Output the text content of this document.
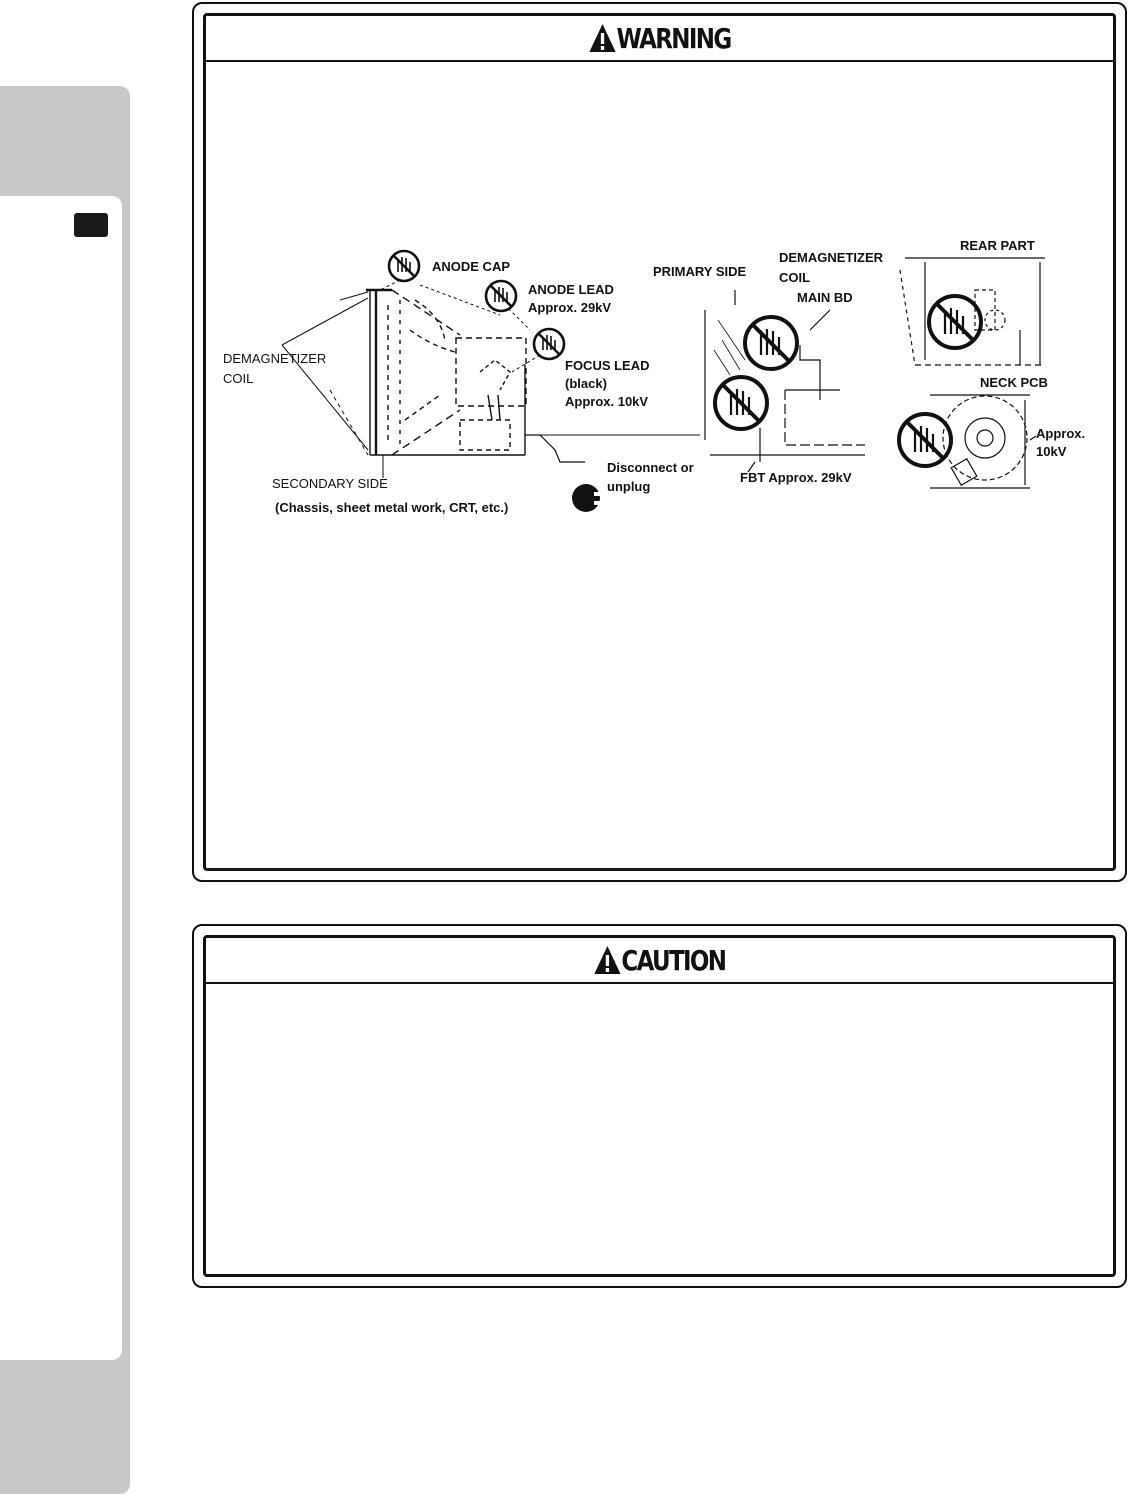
WARNING
ANODE CAP
ANODE LEAD
Approx. 29kV
FOCUS LEAD
(black)
Approx. 10kV
DEMAGNETIZER
COIL
SECONDARY SIDE
(Chassis, sheet metal work, CRT, etc.)
Disconnect or
unplug
PRIMARY SIDE
DEMAGNETIZER
COIL
MAIN BD
REAR PART
NECK PCB
FBT Approx. 29kV
Approx.
10kV
CAUTION
